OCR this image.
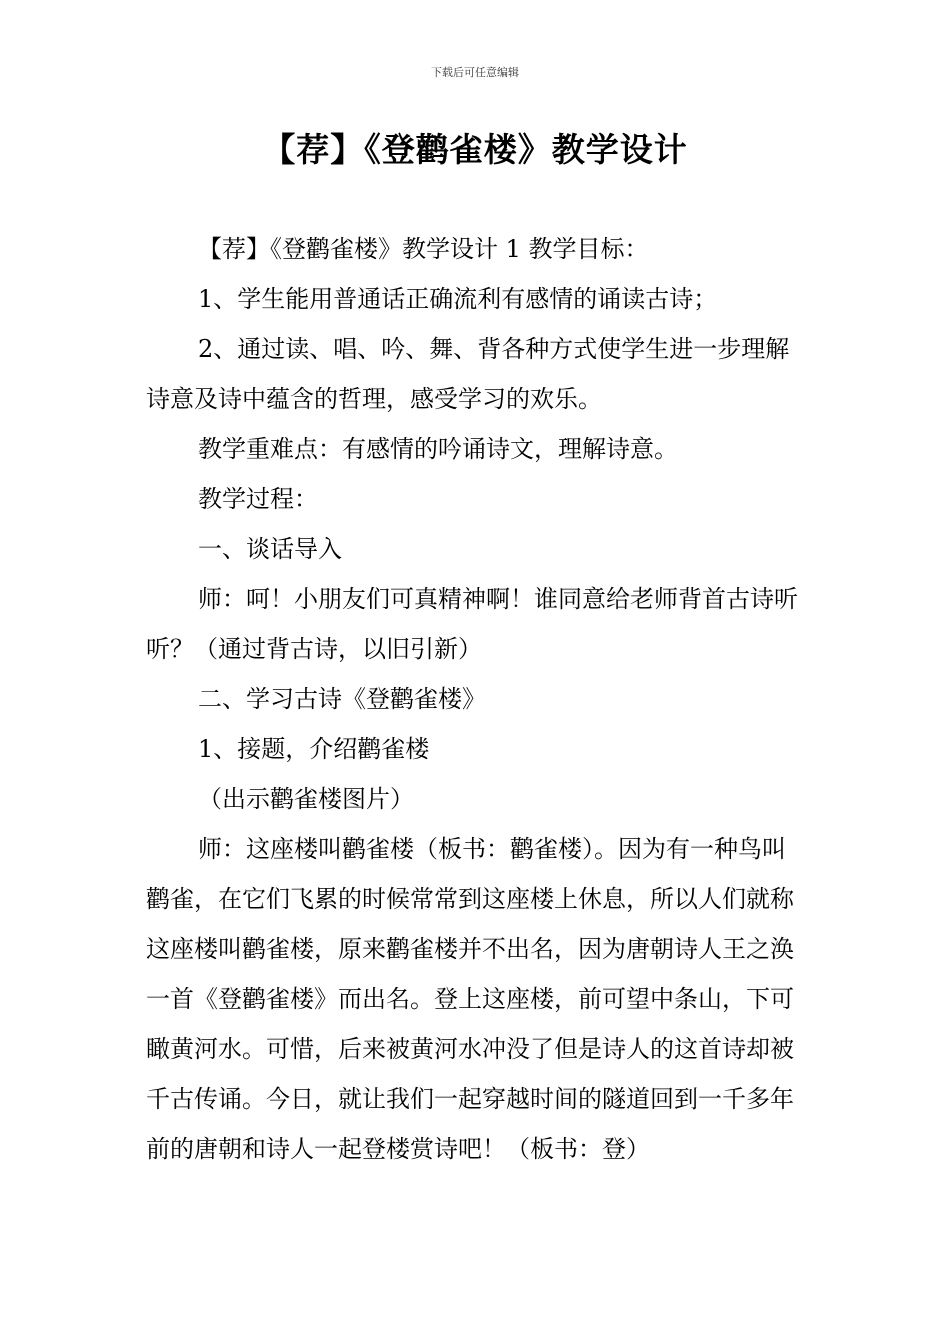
下载后可任意编辑
【荐】《登鹳雀楼》教学设计

【荐】《登鹳雀楼》教学设计 1 教学目标：

1、学生能用普通话正确流利有感情的诵读古诗；

2、通过读、唱、吟、舞、背各种方式使学生进一步理解诗意及诗中蕴含的哲理，感受学习的欢乐。

教学重难点：有感情的吟诵诗文，理解诗意。

教学过程：

一、谈话导入

师：呵！小朋友们可真精神啊！谁同意给老师背首古诗听听？（通过背古诗，以旧引新）

二、学习古诗《登鹳雀楼》

1、接题，介绍鹳雀楼

（出示鹳雀楼图片）

师：这座楼叫鹳雀楼（板书：鹳雀楼）。因为有一种鸟叫鹳雀，在它们飞累的时候常常到这座楼上休息，所以人们就称这座楼叫鹳雀楼，原来鹳雀楼并不出名，因为唐朝诗人王之涣一首《登鹳雀楼》而出名。登上这座楼，前可望中条山，下可瞰黄河水。可惜，后来被黄河水冲没了但是诗人的这首诗却被千古传诵。今日，就让我们一起穿越时间的隧道回到一千多年前的唐朝和诗人一起登楼赏诗吧！（板书：登）
